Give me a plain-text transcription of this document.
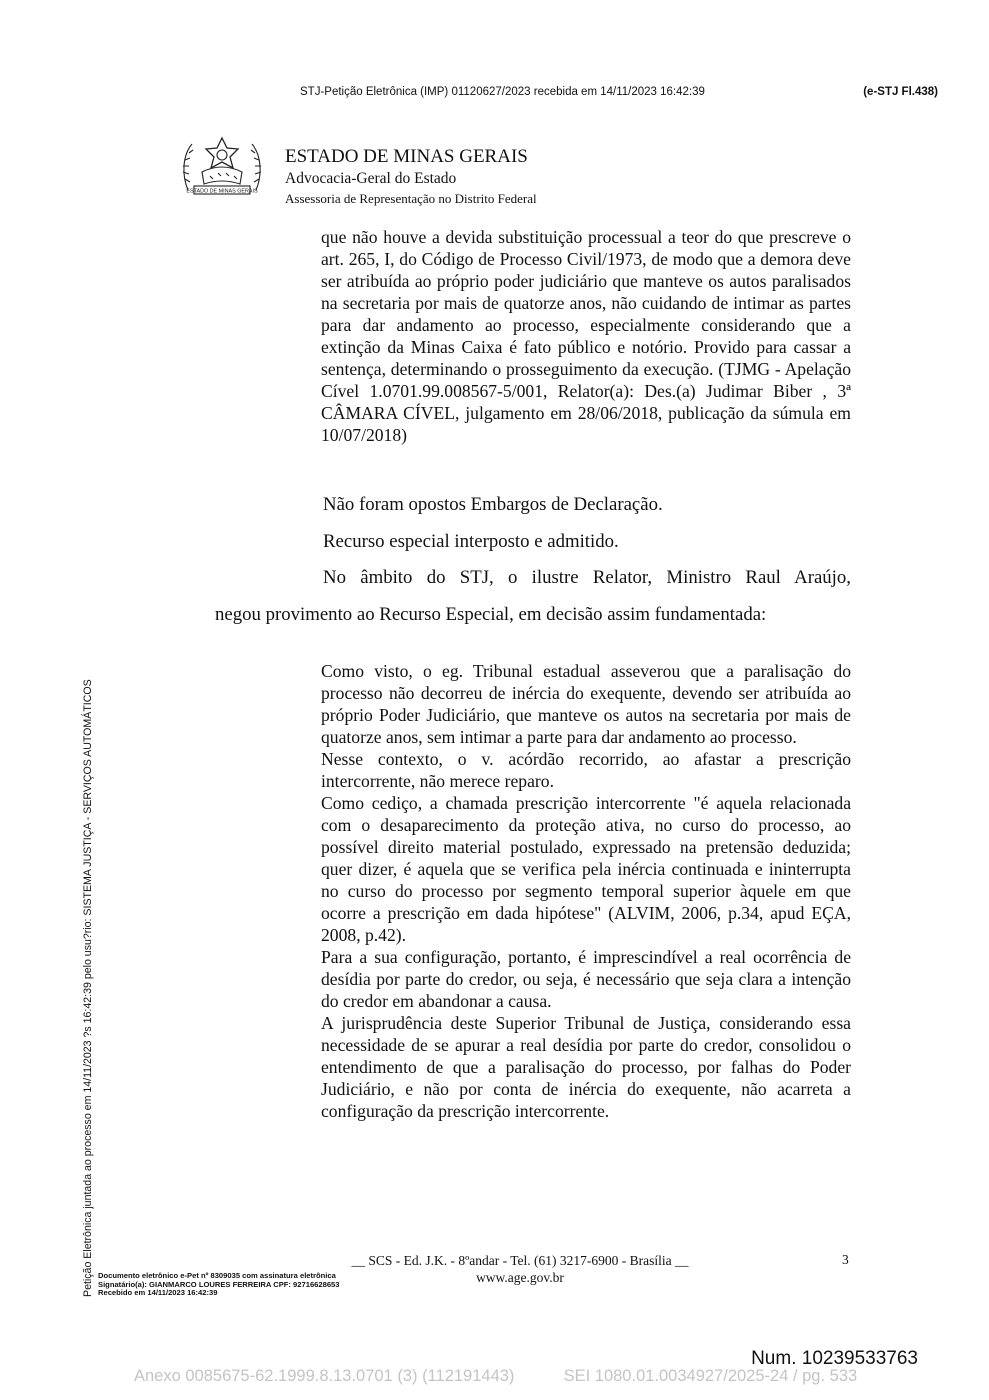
STJ-Petição Eletrônica (IMP) 01120627/2023 recebida em 14/11/2023 16:42:39	(e-STJ Fl.438)
ESTADO DE MINAS GERAIS
ESTADO DE MINAS GERAIS
Advocacia-Geral do Estado
Assessoria de Representação no Distrito Federal

que não houve a devida substituição processual a teor do que prescreve o art. 265, I, do Código de Processo Civil/1973, de modo que a demora deve ser atribuída ao próprio poder judiciário que manteve os autos paralisados na secretaria por mais de quatorze anos, não cuidando de intimar as partes para dar andamento ao processo, especialmente considerando que a extinção da Minas Caixa é fato público e notório. Provido para cassar a sentença, determinando o prosseguimento da execução. (TJMG - Apelação Cível 1.0701.99.008567-5/001, Relator(a): Des.(a) Judimar Biber , 3ª CÂMARA CÍVEL, julgamento em 28/06/2018, publicação da súmula em 10/07/2018)

Não foram opostos Embargos de Declaração.
Recurso especial interposto e admitido.
No âmbito do STJ, o ilustre Relator, Ministro Raul Araújo,
negou provimento ao Recurso Especial, em decisão assim fundamentada:

Como visto, o eg. Tribunal estadual asseverou que a paralisação do processo não decorreu de inércia do exequente, devendo ser atribuída ao próprio Poder Judiciário, que manteve os autos na secretaria por mais de quatorze anos, sem intimar a parte para dar andamento ao processo.

Nesse contexto, o v. acórdão recorrido, ao afastar a prescrição intercorrente, não merece reparo.

Como cediço, a chamada prescrição intercorrente "é aquela relacionada com o desaparecimento da proteção ativa, no curso do processo, ao possível direito material postulado, expressado na pretensão deduzida; quer dizer, é aquela que se verifica pela inércia continuada e ininterrupta no curso do processo por segmento temporal superior àquele em que ocorre a prescrição em dada hipótese" (ALVIM, 2006, p.34, apud EÇA, 2008, p.42).

Para a sua configuração, portanto, é imprescindível a real ocorrência de desídia por parte do credor, ou seja, é necessário que seja clara a intenção do credor em abandonar a causa.

A jurisprudência deste Superior Tribunal de Justiça, considerando essa necessidade de se apurar a real desídia por parte do credor, consolidou o entendimento de que a paralisação do processo, por falhas do Poder Judiciário, e não por conta de inércia do exequente, não acarreta a configuração da prescrição intercorrente.

__ SCS - Ed. J.K. - 8ºandar - Tel. (61) 3217-6900 - Brasília __
www.age.gov.br
3
Documento eletrônico e-Pet nº 8309035 com assinatura eletrônica
Signatário(a): GIANMARCO LOURES FERREIRA CPF: 92716628653
Recebido em 14/11/2023 16:42:39
Petição Eletrônica juntada ao processo em 14/11/2023 ?s 16:42:39 pelo usu?rio: SISTEMA JUSTIÇA - SERVIÇOS AUTOMÁTICOS
Num. 10239533763
Anexo 0085675-62.1999.8.13.0701 (3) (112191443)	SEI 1080.01.0034927/2025-24 / pg. 533
